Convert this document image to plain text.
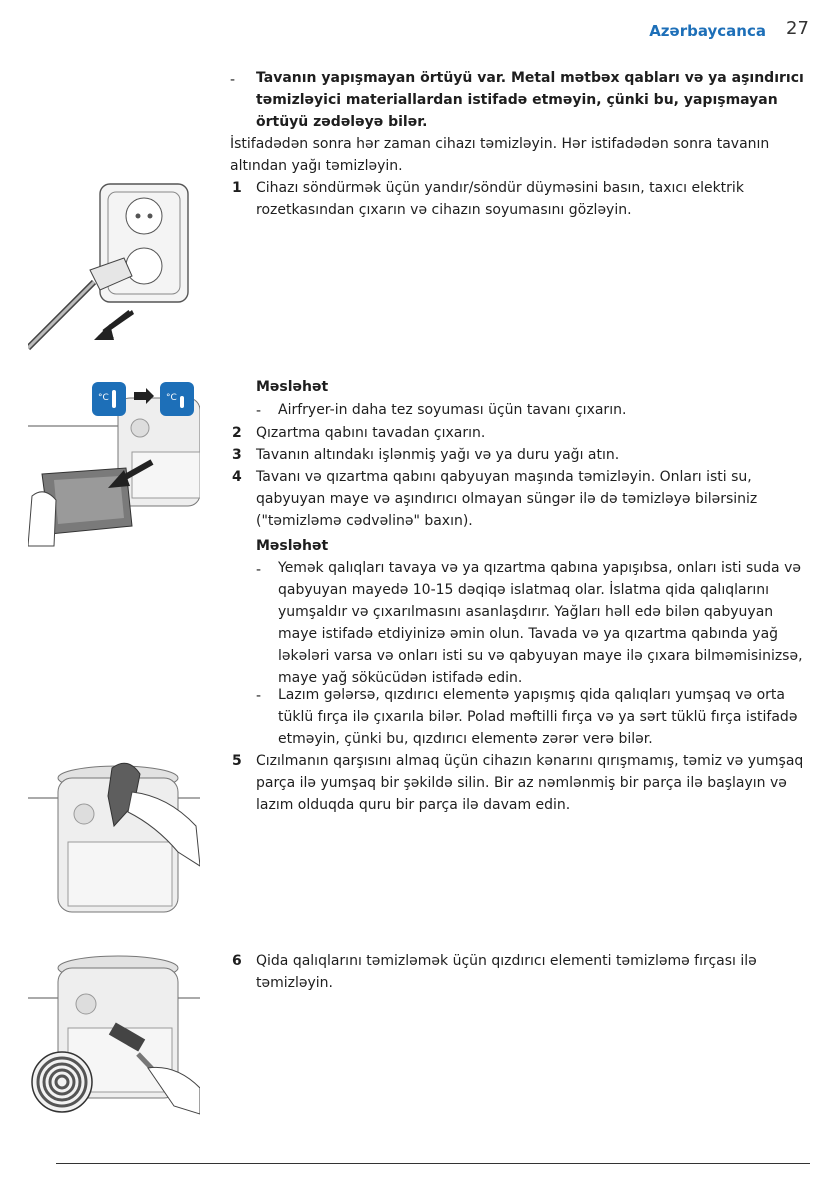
Azərbaycanca 27
- Tavanın yapışmayan örtüyü var. Metal mətbəx qabları və ya aşındırıcı
təmizləyici materiallardan istifadə etməyin, çünki bu, yapışmayan
örtüyü zədələyə bilər.
İstifadədən sonra hər zaman cihazı təmizləyin. Hər istifadədən sonra tavanın
altından yağı təmizləyin.
1 Cihazı söndürmək üçün yandır/söndür düyməsini basın, taxıcı elektrik
rozetkasından çıxarın və cihazın soyumasını gözləyin.
Məsləhət
- Airfryer-in daha tez soyuması üçün tavanı çıxarın.
2 Qızartma qabını tavadan çıxarın.
3 Tavanın altındakı işlənmiş yağı və ya duru yağı atın.
4 Tavanı və qızartma qabını qabyuyan maşında təmizləyin. Onları isti su,
qabyuyan maye və aşındırıcı olmayan süngər ilə də təmizləyə bilərsiniz
("təmizləmə cədvəlinə" baxın).
Məsləhət
- Yemək qalıqları tavaya və ya qızartma qabına yapışıbsa, onları isti suda və
qabyuyan mayedə 10-15 dəqiqə islatmaq olar. İslatma qida qalıqlarını
yumşaldır və çıxarılmasını asanlaşdırır. Yağları həll edə bilən qabyuyan
maye istifadə etdiyinizə əmin olun. Tavada və ya qızartma qabında yağ
ləkələri varsa və onları isti su və qabyuyan maye ilə çıxara bilməmisinizsə,
maye yağ sökücüdən istifadə edin.
- Lazım gələrsə, qızdırıcı elementə yapışmış qida qalıqları yumşaq və orta
tüklü fırça ilə çıxarıla bilər. Polad məftilli fırça və ya sərt tüklü fırça istifadə
etməyin, çünki bu, qızdırıcı elementə zərər verə bilər.
5 Cızılmanın qarşısını almaq üçün cihazın kənarını qırışmamış, təmiz və yumşaq
parça ilə yumşaq bir şəkildə silin. Bir az nəmlənmiş bir parça ilə başlayın və
lazım olduqda quru bir parça ilə davam edin.
6 Qida qalıqlarını təmizləmək üçün qızdırıcı elementi təmizləmə fırçası ilə
təmizləyin.
°C	°C
